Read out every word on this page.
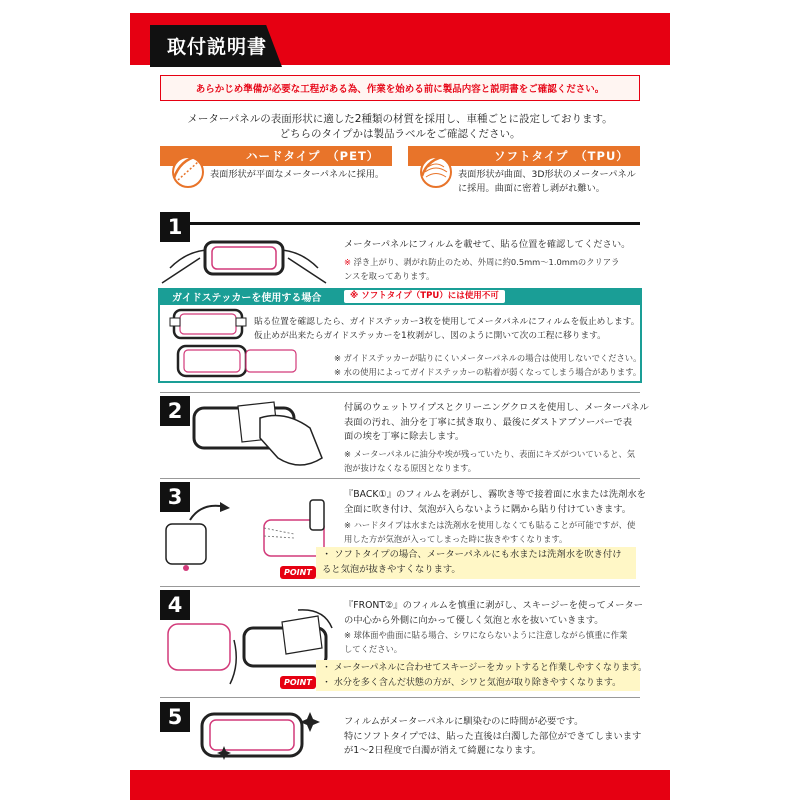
取付説明書
あらかじめ準備が必要な工程がある為、作業を始める前に製品内容と説明書をご確認ください。
メーターパネルの表面形状に適した2種類の材質を採用し、車種ごとに設定しております。
どちらのタイプかは製品ラベルをご確認ください。
ハードタイプ　（PET）
表面形状が平面なメーターパネルに採用。
ソフトタイプ　（TPU）
表面形状が曲面、3D形状のメーターパネル
に採用。曲面に密着し剥がれ難い。
1
メーターパネルにフィルムを載せて、貼る位置を確認してください。
※ 浮き上がり、剥がれ防止のため、外周に約0.5mm〜1.0mmのクリアラ
ンスを取ってあります。
ガイドステッカーを使用する場合	※ ソフトタイプ（TPU）には使用不可
貼る位置を確認したら、ガイドステッカー3枚を使用してメータパネルにフィルムを仮止めします。
仮止めが出来たらガイドステッカーを1枚剥がし、図のように開いて次の工程に移ります。
※ ガイドステッカーが貼りにくいメーターパネルの場合は使用しないでください。
※ 水の使用によってガイドステッカーの粘着が弱くなってしまう場合があります。
2	付属のウェットワイプスとクリーニングクロスを使用し、メーターパネル
表面の汚れ、油分を丁寧に拭き取り、最後にダストアブソーバーで表
面の埃を丁寧に除去します。
※ メーターパネルに油分や埃が残っていたり、表面にキズがついていると、気
泡が抜けなくなる原因となります。
3	『BACK①』のフィルムを剥がし、霧吹き等で接着面に水または洗剤水を
全面に吹き付け、気泡が入らないように隅から貼り付けていきます。
※ ハードタイプは水または洗剤水を使用しなくても貼ることが可能ですが、使
用した方が気泡が入ってしまった時に抜きやすくなります。
POINT
・ ソフトタイプの場合、メーターパネルにも水または洗剤水を吹き付け
ると気泡が抜きやすくなります。
4	『FRONT②』のフィルムを慎重に剥がし、スキージーを使ってメーター
の中心から外側に向かって優しく気泡と水を抜いていきます。
※ 球体面や曲面に貼る場合、シワにならないように注意しながら慎重に作業
してください。
POINT
・ メーターパネルに合わせてスキージーをカットすると作業しやすくなります。
・ 水分を多く含んだ状態の方が、シワと気泡が取り除きやすくなります。
5	フィルムがメーターパネルに馴染むのに時間が必要です。
特にソフトタイプでは、貼った直後は白濁した部位ができてしまいます
が1〜2日程度で白濁が消えて綺麗になります。
